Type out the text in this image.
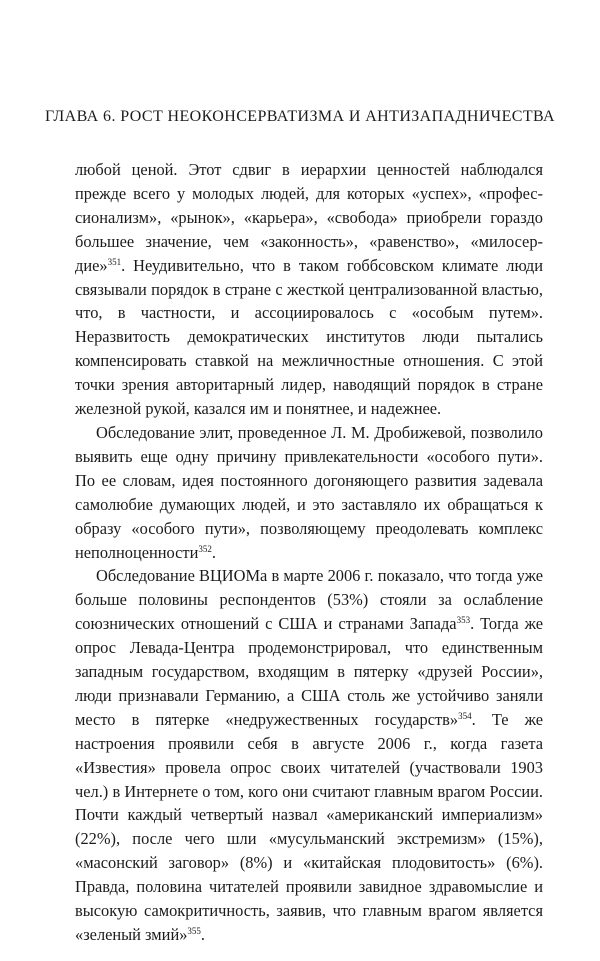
ГЛАВА 6. РОСТ НЕОКОНСЕРВАТИЗМА И АНТИЗАПАДНИЧЕСТВА

любой ценой. Этот сдвиг в иерархии ценностей наблюдался прежде всего у молодых людей, для которых «успех», «профессионализм», «рынок», «карьера», «свобода» приобрели гораздо большее значение, чем «законность», «равенство», «милосердие»$^{351}$. Неудивительно, что в таком гоббсовском климате люди связывали порядок в стране с жесткой централизованной властью, что, в частности, и ассоциировалось с «особым путем». Неразвитость демократических институтов люди пытались компенсировать ставкой на межличностные отношения. С этой точки зрения авторитарный лидер, наводящий порядок в стране железной рукой, казался им и понятнее, и надежнее.

Обследование элит, проведенное Л. М. Дробижевой, позволило выявить еще одну причину привлекательности «особого пути». По ее словам, идея постоянного догоняющего развития задевала самолюбие думающих людей, и это заставляло их обращаться к образу «особого пути», позволяющему преодолевать комплекс неполноценности$^{352}$.

Обследование ВЦИОМа в марте 2006 г. показало, что тогда уже больше половины респондентов (53%) стояли за ослабление союзнических отношений с США и странами Запада$^{353}$. Тогда же опрос Левада-Центра продемонстрировал, что единственным западным государством, входящим в пятерку «друзей России», люди признавали Германию, а США столь же устойчиво заняли место в пятерке «недружественных государств»$^{354}$. Те же настроения проявили себя в августе 2006 г., когда газета «Известия» провела опрос своих читателей (участвовали 1903 чел.) в Интернете о том, кого они считают главным врагом России. Почти каждый четвертый назвал «американский империализм» (22%), после чего шли «мусульманский экстремизм» (15%), «масонский заговор» (8%) и «китайская плодовитость» (6%). Правда, половина читателей проявили завидное здравомыслие и высокую самокритичность, заявив, что главным врагом является «зеленый змий»$^{355}$.
